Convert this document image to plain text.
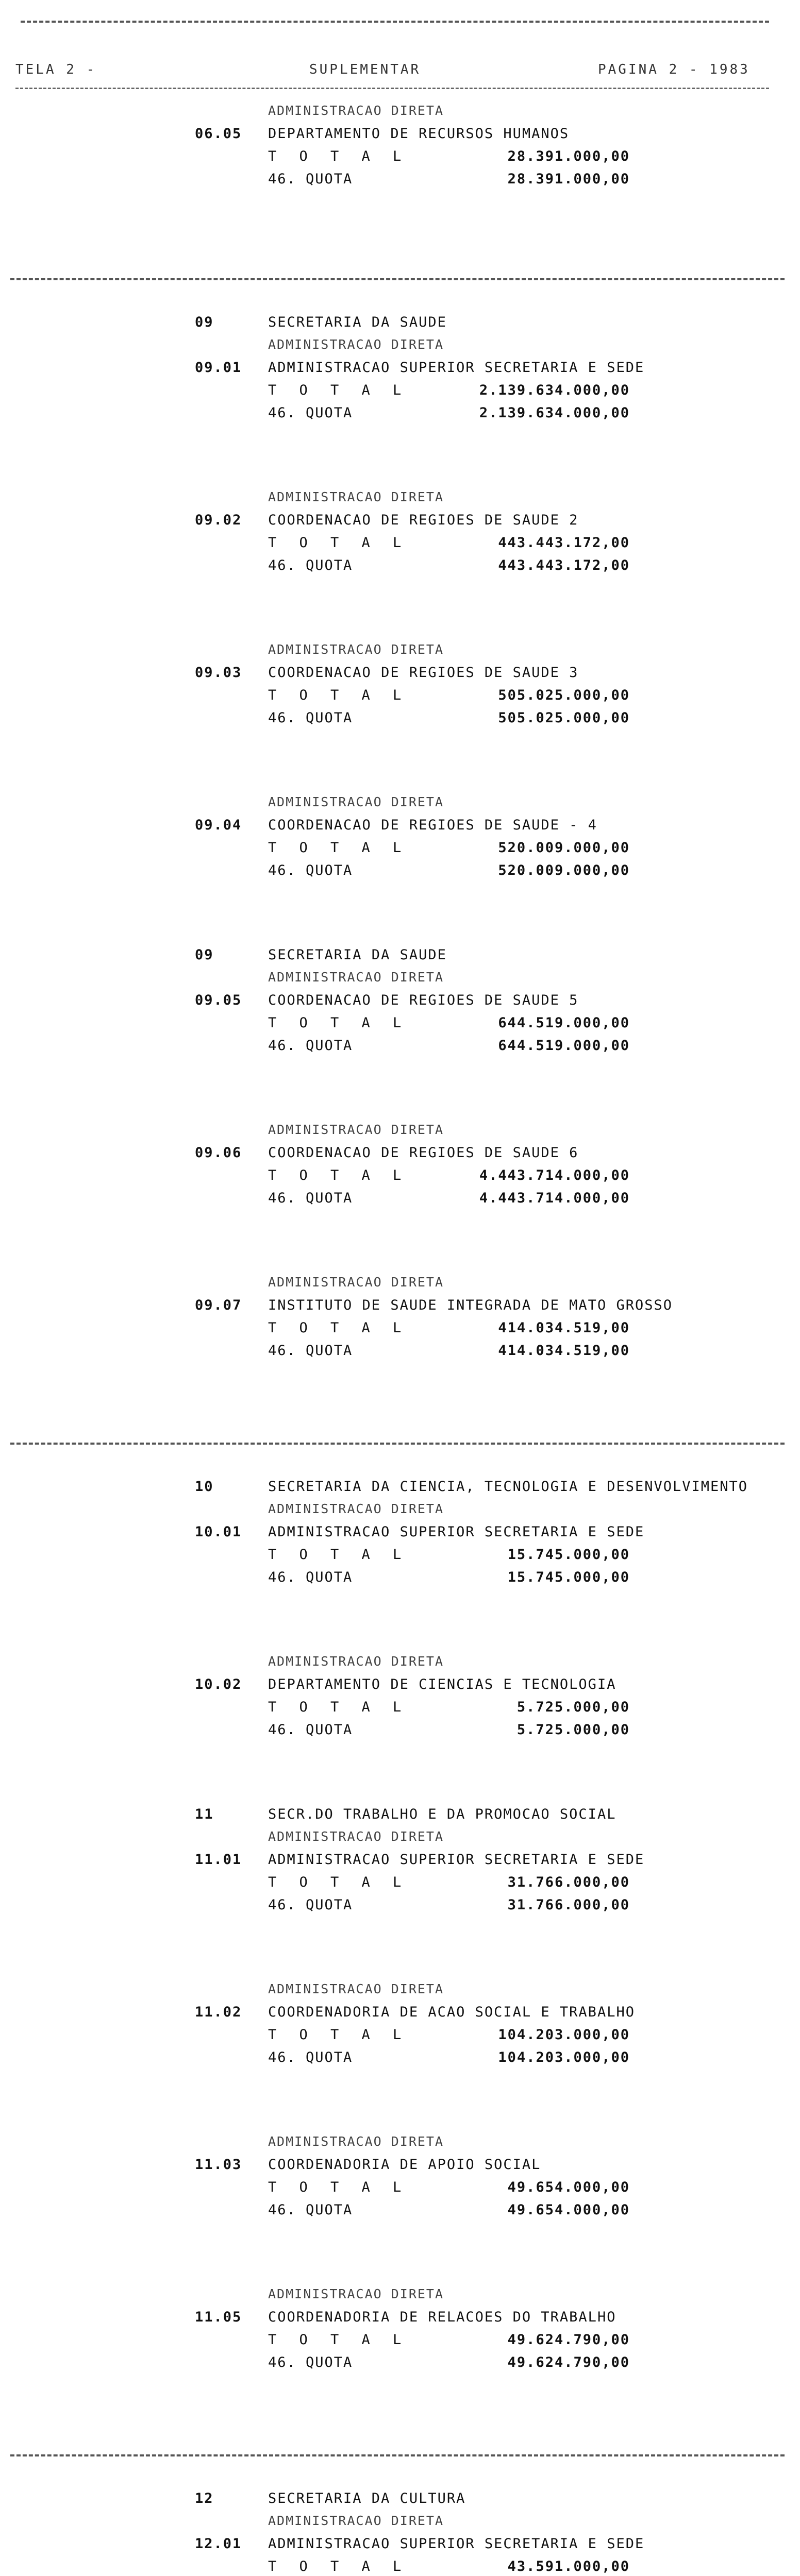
TELA 2 -	SUPLEMENTAR	PAGINA 2 - 1983
ADMINISTRACAO DIRETA
06.05 DEPARTAMENTO DE RECURSOS HUMANOS
T O T A L	28.391.000,00
46. QUOTA	28.391.000,00
09	SECRETARIA DA SAUDE
ADMINISTRACAO DIRETA
09.01 ADMINISTRACAO SUPERIOR SECRETARIA E SEDE
T O T A L	2.139.634.000,00
46. QUOTA	2.139.634.000,00
ADMINISTRACAO DIRETA
09.02 COORDENACAO DE REGIOES DE SAUDE 2
T O T A L	443.443.172,00
46. QUOTA	443.443.172,00
ADMINISTRACAO DIRETA
09.03 COORDENACAO DE REGIOES DE SAUDE 3
T O T A L	505.025.000,00
46. QUOTA	505.025.000,00
ADMINISTRACAO DIRETA
09.04 COORDENACAO DE REGIOES DE SAUDE - 4
T O T A L	520.009.000,00
46. QUOTA	520.009.000,00
09	SECRETARIA DA SAUDE
ADMINISTRACAO DIRETA
09.05 COORDENACAO DE REGIOES DE SAUDE 5
T O T A L	644.519.000,00
46. QUOTA	644.519.000,00
ADMINISTRACAO DIRETA
09.06 COORDENACAO DE REGIOES DE SAUDE 6
T O T A L	4.443.714.000,00
46. QUOTA	4.443.714.000,00
ADMINISTRACAO DIRETA
09.07 INSTITUTO DE SAUDE INTEGRADA DE MATO GROSSO
T O T A L	414.034.519,00
46. QUOTA	414.034.519,00
10	SECRETARIA DA CIENCIA, TECNOLOGIA E DESENVOLVIMENTO
ADMINISTRACAO DIRETA
10.01 ADMINISTRACAO SUPERIOR SECRETARIA E SEDE
T O T A L	15.745.000,00
46. QUOTA	15.745.000,00
ADMINISTRACAO DIRETA
10.02 DEPARTAMENTO DE CIENCIAS E TECNOLOGIA
T O T A L	5.725.000,00
46. QUOTA	5.725.000,00
11	SECR.DO TRABALHO E DA PROMOCAO SOCIAL
ADMINISTRACAO DIRETA
11.01 ADMINISTRACAO SUPERIOR SECRETARIA E SEDE
T O T A L	31.766.000,00
46. QUOTA	31.766.000,00
ADMINISTRACAO DIRETA
11.02 COORDENADORIA DE ACAO SOCIAL E TRABALHO
T O T A L	104.203.000,00
46. QUOTA	104.203.000,00
ADMINISTRACAO DIRETA
11.03 COORDENADORIA DE APOIO SOCIAL
T O T A L	49.654.000,00
46. QUOTA	49.654.000,00
ADMINISTRACAO DIRETA
11.05 COORDENADORIA DE RELACOES DO TRABALHO
T O T A L	49.624.790,00
46. QUOTA	49.624.790,00
12	SECRETARIA DA CULTURA
ADMINISTRACAO DIRETA
12.01 ADMINISTRACAO SUPERIOR SECRETARIA E SEDE
T O T A L	43.591.000,00
